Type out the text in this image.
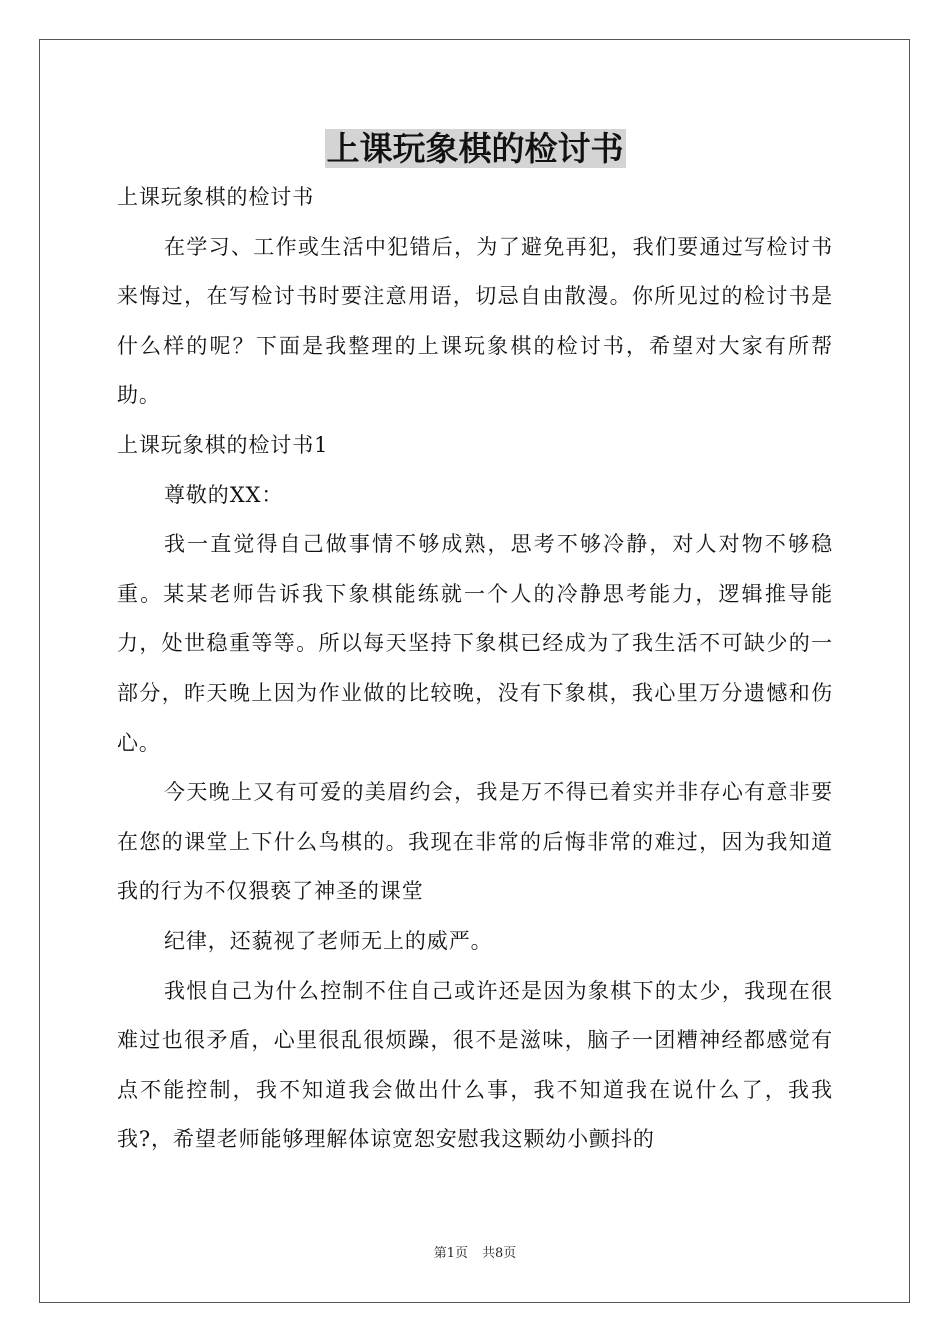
上课玩象棋的检讨书

上课玩象棋的检讨书

在学习、工作或生活中犯错后，为了避免再犯，我们要通过写检讨书来悔过，在写检讨书时要注意用语，切忌自由散漫。你所见过的检讨书是什么样的呢？下面是我整理的上课玩象棋的检讨书，希望对大家有所帮助。

上课玩象棋的检讨书1

尊敬的XX：

我一直觉得自己做事情不够成熟，思考不够冷静，对人对物不够稳重。某某老师告诉我下象棋能练就一个人的冷静思考能力，逻辑推导能力，处世稳重等等。所以每天坚持下象棋已经成为了我生活不可缺少的一部分，昨天晚上因为作业做的比较晚，没有下象棋，我心里万分遗憾和伤心。

今天晚上又有可爱的美眉约会，我是万不得已着实并非存心有意非要在您的课堂上下什么鸟棋的。我现在非常的后悔非常的难过，因为我知道我的行为不仅猥亵了神圣的课堂

纪律，还藐视了老师无上的威严。

我恨自己为什么控制不住自己或许还是因为象棋下的太少，我现在很难过也很矛盾，心里很乱很烦躁，很不是滋味，脑子一团糟神经都感觉有点不能控制，我不知道我会做出什么事，我不知道我在说什么了，我我我?，希望老师能够理解体谅宽恕安慰我这颗幼小颤抖的

第1页 共8页
